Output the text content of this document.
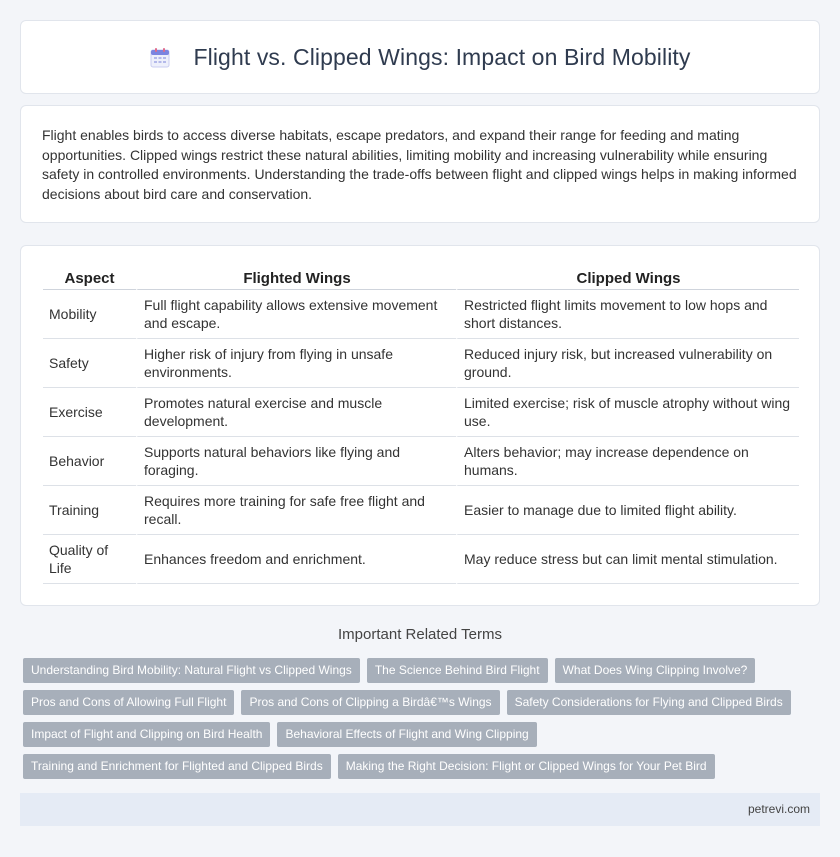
Flight vs. Clipped Wings: Impact on Bird Mobility

Flight enables birds to access diverse habitats, escape predators, and expand their range for feeding and mating opportunities. Clipped wings restrict these natural abilities, limiting mobility and increasing vulnerability while ensuring safety in controlled environments. Understanding the trade-offs between flight and clipped wings helps in making informed decisions about bird care and conservation.

Aspect	Flighted Wings	Clipped Wings
Mobility	Full flight capability allows extensive movement and escape.	Restricted flight limits movement to low hops and short distances.
Safety	Higher risk of injury from flying in unsafe environments.	Reduced injury risk, but increased vulnerability on ground.
Exercise	Promotes natural exercise and muscle development.	Limited exercise; risk of muscle atrophy without wing use.
Behavior	Supports natural behaviors like flying and foraging.	Alters behavior; may increase dependence on humans.
Training	Requires more training for safe free flight and recall.	Easier to manage due to limited flight ability.
Quality of Life	Enhances freedom and enrichment.	May reduce stress but can limit mental stimulation.
Important Related Terms
Understanding Bird Mobility: Natural Flight vs Clipped Wings	The Science Behind Bird Flight	What Does Wing Clipping Involve?
Pros and Cons of Allowing Full Flight	Pros and Cons of Clipping a Birdâ€™s Wings	Safety Considerations for Flying and Clipped Birds
Impact of Flight and Clipping on Bird Health	Behavioral Effects of Flight and Wing Clipping
Training and Enrichment for Flighted and Clipped Birds	Making the Right Decision: Flight or Clipped Wings for Your Pet Bird
petrevi.com
